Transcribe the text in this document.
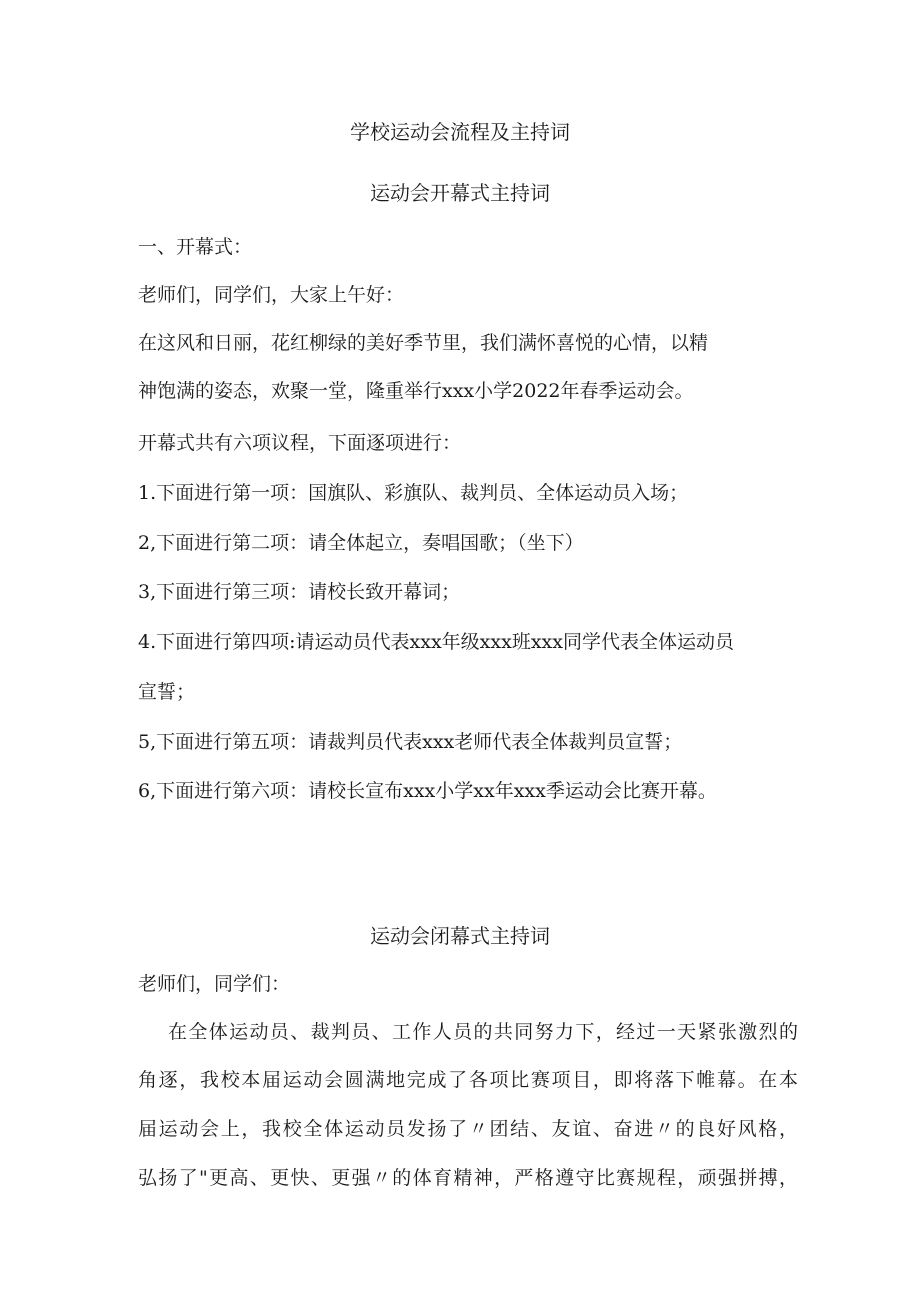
学校运动会流程及主持词
运动会开幕式主持词
一、开幕式：
老师们，同学们，大家上午好：
在这风和日丽，花红柳绿的美好季节里，我们满怀喜悦的心情，以精
神饱满的姿态，欢聚一堂，隆重举行xxx小学2022年春季运动会。
开幕式共有六项议程，下面逐项进行：
1.下面进行第一项：国旗队、彩旗队、裁判员、全体运动员入场；
2,下面进行第二项：请全体起立，奏唱国歌；（坐下）
3,下面进行第三项：请校长致开幕词；
4.下面进行第四项:请运动员代表xxx年级xxx班xxx同学代表全体运动员
宣誓；
5,下面进行第五项：请裁判员代表xxx老师代表全体裁判员宣誓；
6,下面进行第六项：请校长宣布xxx小学xx年xxx季运动会比赛开幕。
运动会闭幕式主持词
老师们，同学们：
在全体运动员、裁判员、工作人员的共同努力下，经过一天紧张激烈的
角逐，我校本届运动会圆满地完成了各项比赛项目，即将落下帷幕。在本
届运动会上，我校全体运动员发扬了〃团结、友谊、奋进〃的良好风格，
弘扬了"更高、更快、更强〃的体育精神，严格遵守比赛规程，顽强拼搏，
